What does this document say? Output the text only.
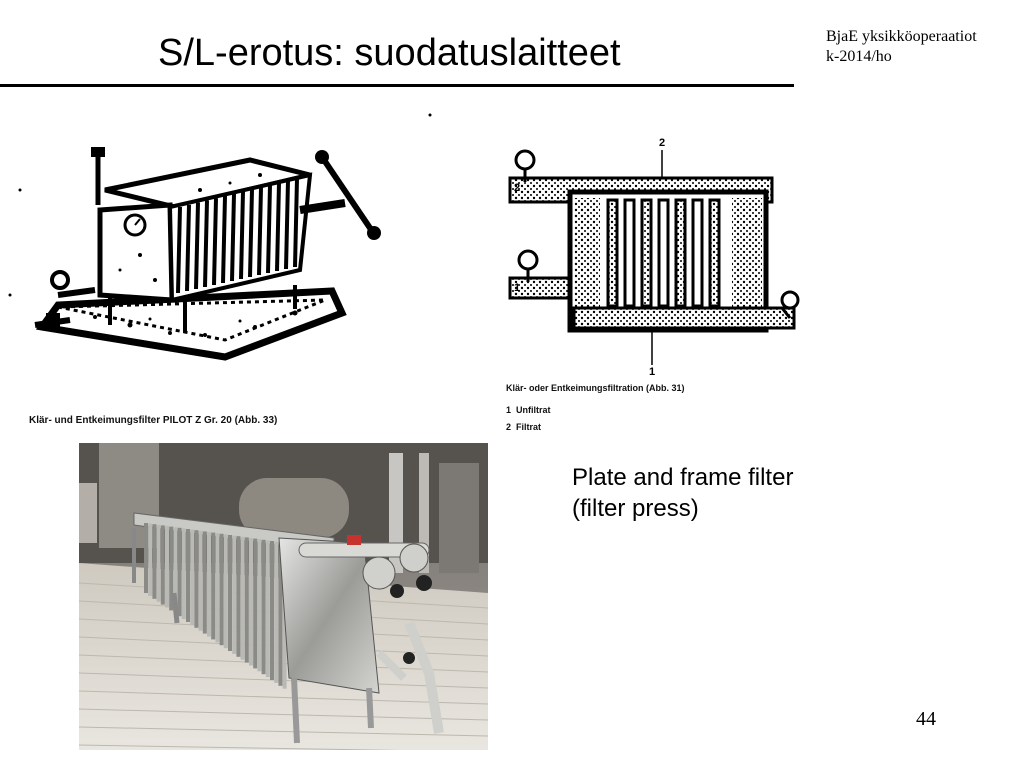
S/L-erotus: suodatuslaitteet	BjaE yksikköoperaatiot
k-2014/ho
Klär- und Entkeimungsfilter PILOT Z Gr. 20 (Abb. 33)
2
1
2
1
Klär- oder Entkeimungsfiltration (Abb. 31)
1 Unfiltrat
2 Filtrat
Plate and frame filter
(filter press)
44
